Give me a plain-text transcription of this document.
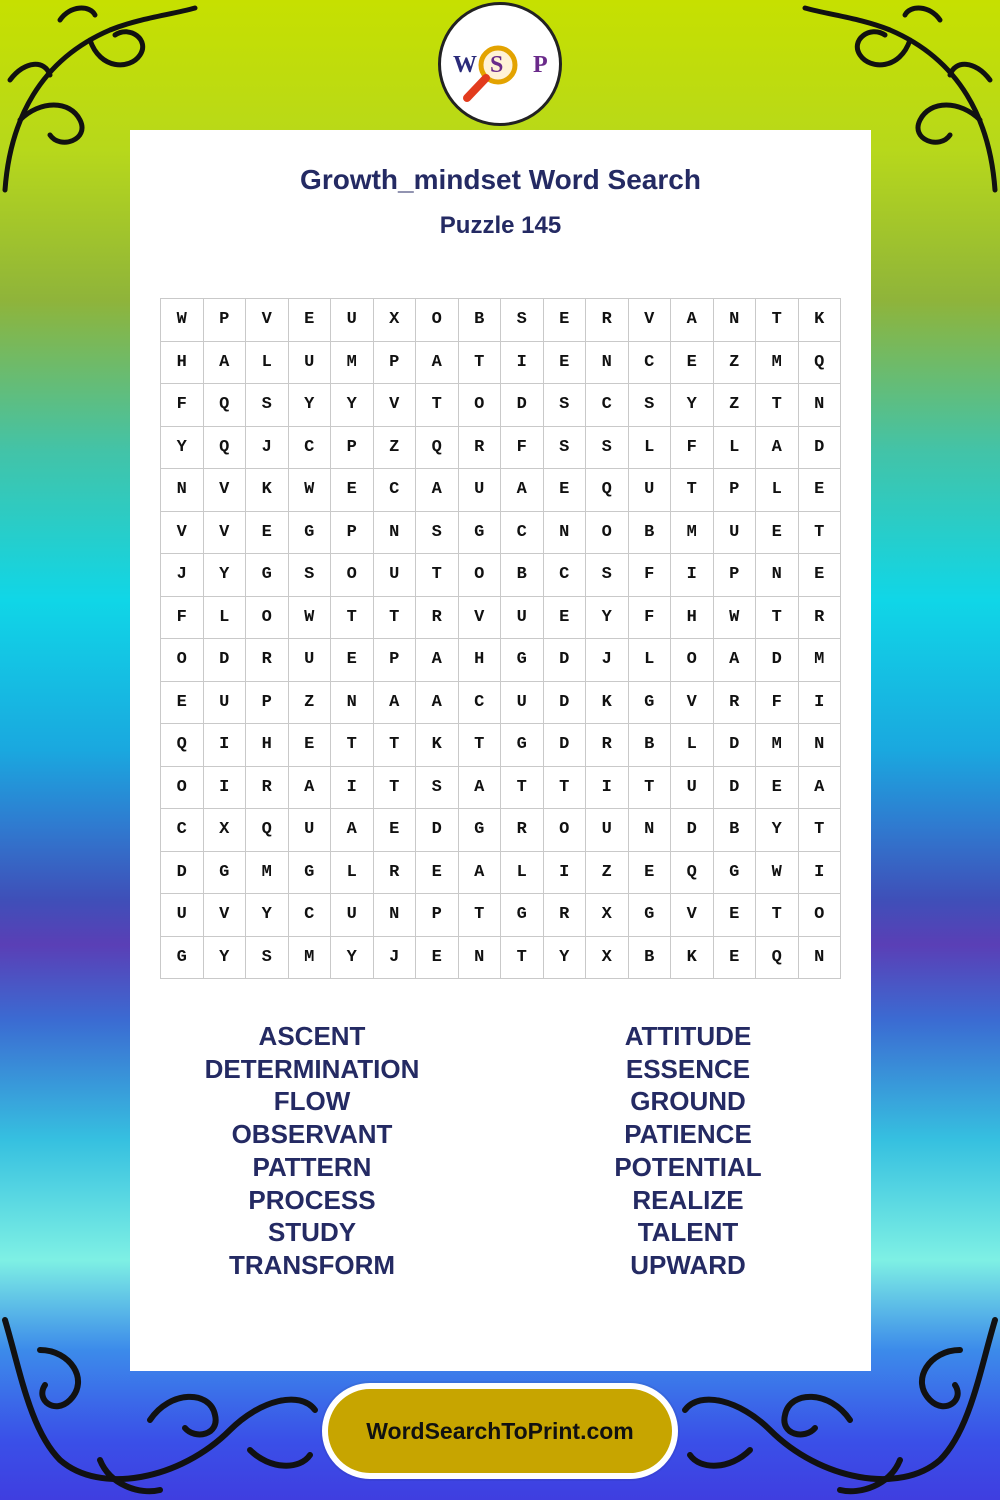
W S P
Growth_mindset Word Search
Puzzle 145
W	P	V	E	U	X	O	B	S	E	R	V	A	N	T	K
H	A	L	U	M	P	A	T	I	E	N	C	E	Z	M	Q
F	Q	S	Y	Y	V	T	O	D	S	C	S	Y	Z	T	N
Y	Q	J	C	P	Z	Q	R	F	S	S	L	F	L	A	D
N	V	K	W	E	C	A	U	A	E	Q	U	T	P	L	E
V	V	E	G	P	N	S	G	C	N	O	B	M	U	E	T
J	Y	G	S	O	U	T	O	B	C	S	F	I	P	N	E
F	L	O	W	T	T	R	V	U	E	Y	F	H	W	T	R
O	D	R	U	E	P	A	H	G	D	J	L	O	A	D	M
E	U	P	Z	N	A	A	C	U	D	K	G	V	R	F	I
Q	I	H	E	T	T	K	T	G	D	R	B	L	D	M	N
O	I	R	A	I	T	S	A	T	T	I	T	U	D	E	A
C	X	Q	U	A	E	D	G	R	O	U	N	D	B	Y	T
D	G	M	G	L	R	E	A	L	I	Z	E	Q	G	W	I
U	V	Y	C	U	N	P	T	G	R	X	G	V	E	T	O
G	Y	S	M	Y	J	E	N	T	Y	X	B	K	E	Q	N
ASCENT
DETERMINATION
FLOW
OBSERVANT
PATTERN
PROCESS
STUDY
TRANSFORM
ATTITUDE
ESSENCE
GROUND
PATIENCE
POTENTIAL
REALIZE
TALENT
UPWARD
WordSearchToPrint.com
